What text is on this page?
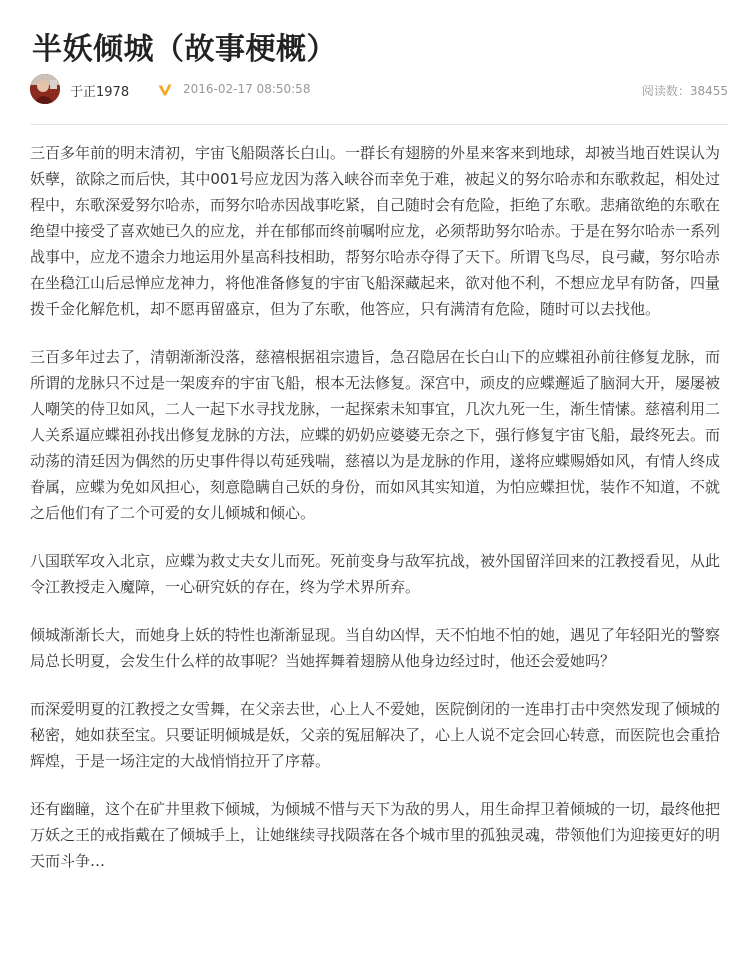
半妖倾城（故事梗概）
于正1978	2016-02-17 08:50:58	阅读数：38455

三百多年前的明末清初，宇宙飞船陨落长白山。一群长有翅膀的外星来客来到地球，却被当地百姓误认为妖孽，欲除之而后快，其中001号应龙因为落入峡谷而幸免于难，被起义的努尔哈赤和东歌救起，相处过程中，东歌深爱努尔哈赤，而努尔哈赤因战事吃紧，自己随时会有危险，拒绝了东歌。悲痛欲绝的东歌在绝望中接受了喜欢她已久的应龙，并在郁郁而终前嘱咐应龙，必须帮助努尔哈赤。于是在努尔哈赤一系列战事中，应龙不遗余力地运用外星高科技相助，帮努尔哈赤夺得了天下。所谓飞鸟尽，良弓藏，努尔哈赤在坐稳江山后忌惮应龙神力，将他准备修复的宇宙飞船深藏起来，欲对他不利，不想应龙早有防备，四量拨千金化解危机，却不愿再留盛京，但为了东歌，他答应，只有满清有危险，随时可以去找他。

三百多年过去了，清朝渐渐没落，慈禧根据祖宗遗旨，急召隐居在长白山下的应蝶祖孙前往修复龙脉，而所谓的龙脉只不过是一架废弃的宇宙飞船，根本无法修复。深宫中，顽皮的应蝶邂逅了脑洞大开，屡屡被人嘲笑的侍卫如风，二人一起下水寻找龙脉，一起探索未知事宜，几次九死一生，渐生情愫。慈禧利用二人关系逼应蝶祖孙找出修复龙脉的方法，应蝶的奶奶应婆婆无奈之下，强行修复宇宙飞船，最终死去。而动荡的清廷因为偶然的历史事件得以苟延残喘，慈禧以为是龙脉的作用，遂将应蝶赐婚如风，有情人终成眷属，应蝶为免如风担心，刻意隐瞒自己妖的身份，而如风其实知道，为怕应蝶担忧，装作不知道，不就之后他们有了二个可爱的女儿倾城和倾心。

八国联军攻入北京，应蝶为救丈夫女儿而死。死前变身与敌军抗战，被外国留洋回来的江教授看见，从此令江教授走入魔障，一心研究妖的存在，终为学术界所弃。

倾城渐渐长大，而她身上妖的特性也渐渐显现。当自幼凶悍，天不怕地不怕的她，遇见了年轻阳光的警察局总长明夏，会发生什么样的故事呢？当她挥舞着翅膀从他身边经过时，他还会爱她吗？

而深爱明夏的江教授之女雪舞，在父亲去世，心上人不爱她，医院倒闭的一连串打击中突然发现了倾城的秘密，她如获至宝。只要证明倾城是妖，父亲的冤屈解决了，心上人说不定会回心转意，而医院也会重拾辉煌，于是一场注定的大战悄悄拉开了序幕。

还有幽瞳，这个在矿井里救下倾城，为倾城不惜与天下为敌的男人，用生命捍卫着倾城的一切，最终他把万妖之王的戒指戴在了倾城手上，让她继续寻找陨落在各个城市里的孤独灵魂，带领他们为迎接更好的明天而斗争…
